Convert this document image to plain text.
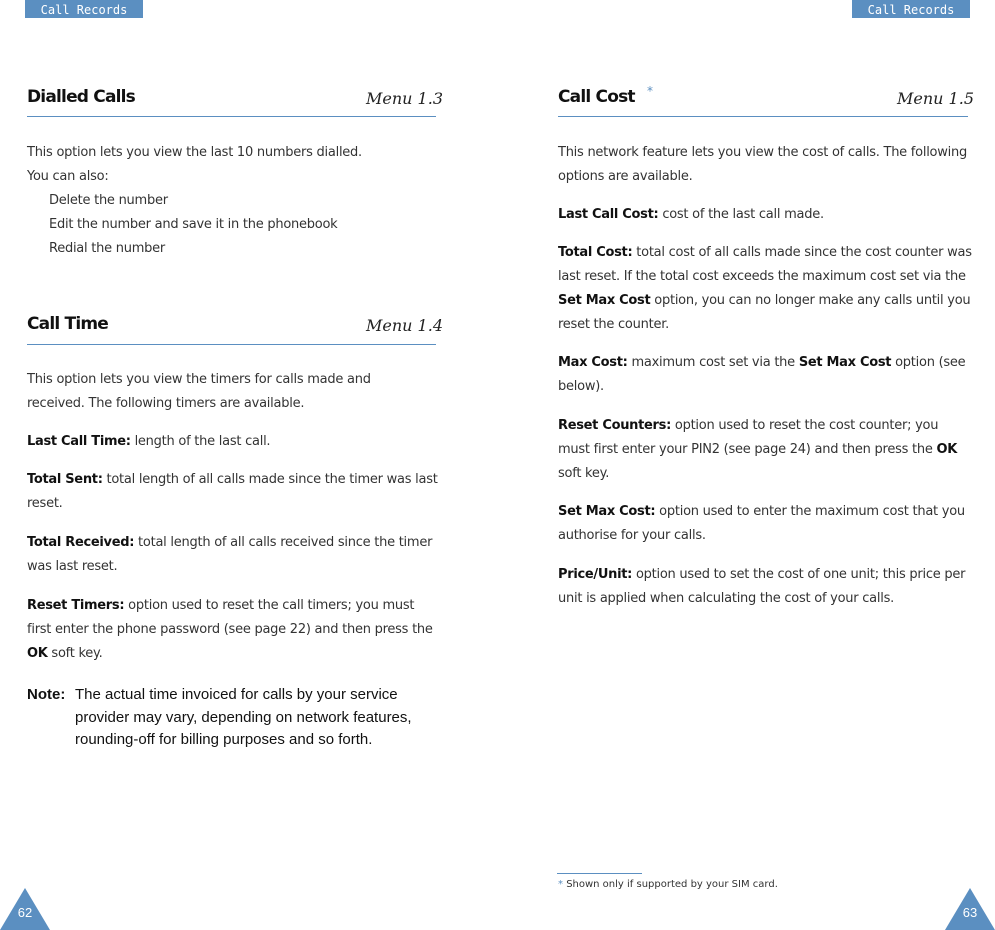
Call Records	Call Records
Dialled Calls	Menu 1.3
This option lets you view the last 10 numbers dialled.
You can also:
Delete the number
Edit the number and save it in the phonebook
Redial the number
Call Time	Menu 1.4
This option lets you view the timers for calls made and received. The following timers are available.
Last Call Time: length of the last call.
Total Sent: total length of all calls made since the timer was last reset.
Total Received: total length of all calls received since the timer was last reset.
Reset Timers: option used to reset the call timers; you must first enter the phone password (see page 22) and then press the OK soft key.
Note: The actual time invoiced for calls by your service provider may vary, depending on network features, rounding-off for billing purposes and so forth.
62
Call Cost *	Menu 1.5
This network feature lets you view the cost of calls. The following options are available.
Last Call Cost: cost of the last call made.
Total Cost: total cost of all calls made since the cost counter was last reset. If the total cost exceeds the maximum cost set via the Set Max Cost option, you can no longer make any calls until you reset the counter.
Max Cost: maximum cost set via the Set Max Cost option (see below).
Reset Counters: option used to reset the cost counter; you must first enter your PIN2 (see page 24) and then press the OK soft key.
Set Max Cost: option used to enter the maximum cost that you authorise for your calls.
Price/Unit: option used to set the cost of one unit; this price per unit is applied when calculating the cost of your calls.
* Shown only if supported by your SIM card.
63
